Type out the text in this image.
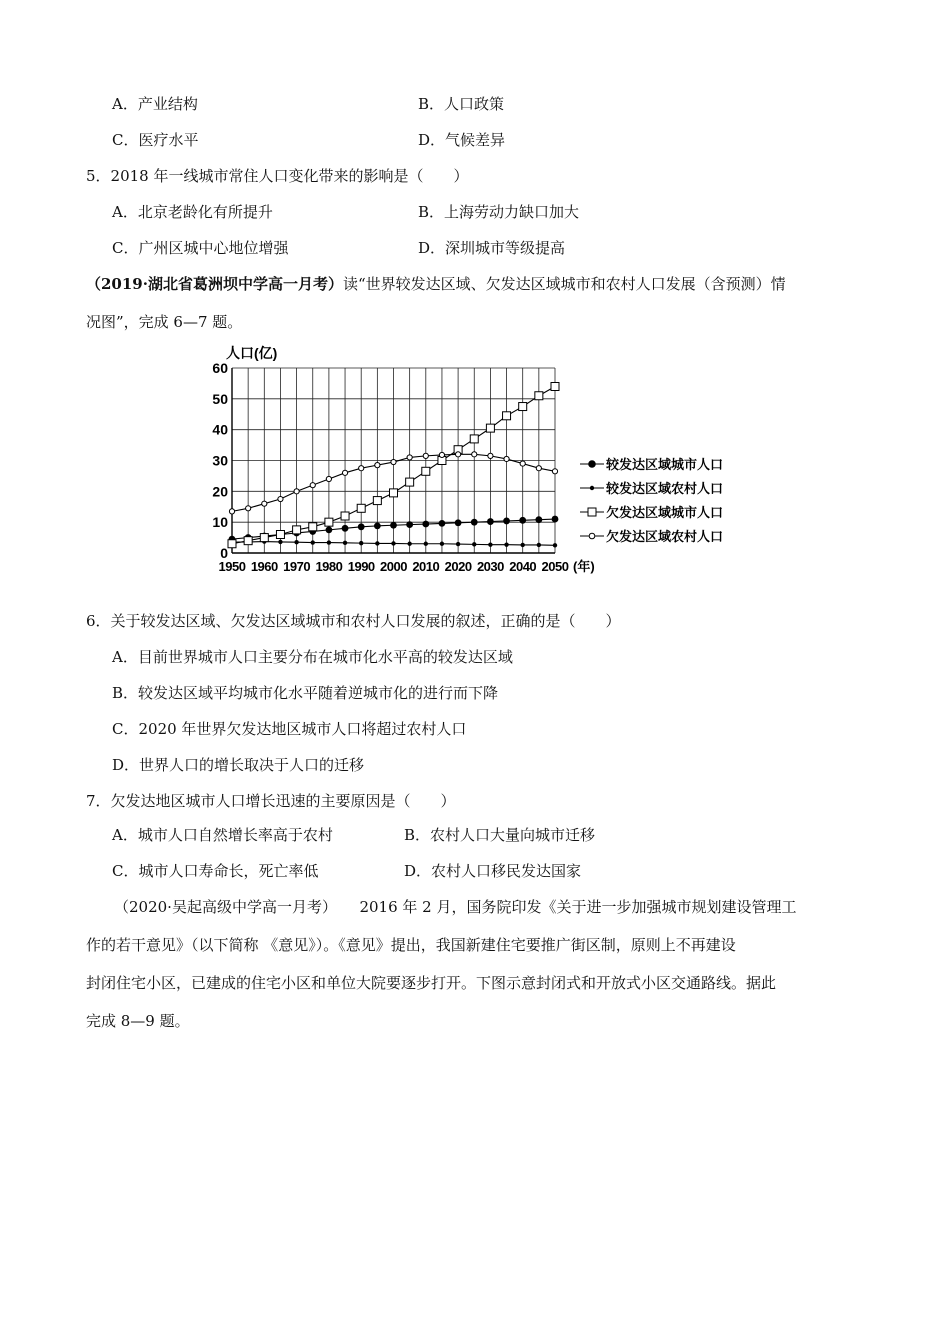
A．产业结构	B．人口政策
C．医疗水平	D．气候差异
5．2018 年一线城市常住人口变化带来的影响是（　　）
A．北京老龄化有所提升	B．上海劳动力缺口加大
C．广州区城中心地位增强	D．深圳城市等级提高
（2019·湖北省葛洲坝中学高一月考）读“世界较发达区域、欠发达区域城市和农村人口发展（含预测）情
况图”，完成 6—7 题。
0
10
20
30
40
50
60
1950 1960 1970 1980 1990 2000 2010 2020 2030 2040 2050
人口(亿)
(年)
较发达区域城市人口
较发达区域农村人口
欠发达区域城市人口
欠发达区域农村人口
6．关于较发达区域、欠发达区域城市和农村人口发展的叙述，正确的是（　　）
A．目前世界城市人口主要分布在城市化水平高的较发达区域
B．较发达区域平均城市化水平随着逆城市化的进行而下降
C．2020 年世界欠发达地区城市人口将超过农村人口
D．世界人口的增长取决于人口的迁移
7．欠发达地区城市人口增长迅速的主要原因是（　　）
A．城市人口自然增长率高于农村	B．农村人口大量向城市迁移
C．城市人口寿命长，死亡率低	D．农村人口移民发达国家
（2020·吴起高级中学高一月考）　　2016 年 2 月，国务院印发《关于进一步加强城市规划建设管理工
作的若干意见》（以下简称 《意见》）。《意见》提出，我国新建住宅要推广街区制，原则上不再建设
封闭住宅小区，已建成的住宅小区和单位大院要逐步打开。下图示意封闭式和开放式小区交通路线。据此
完成 8—9 题。
